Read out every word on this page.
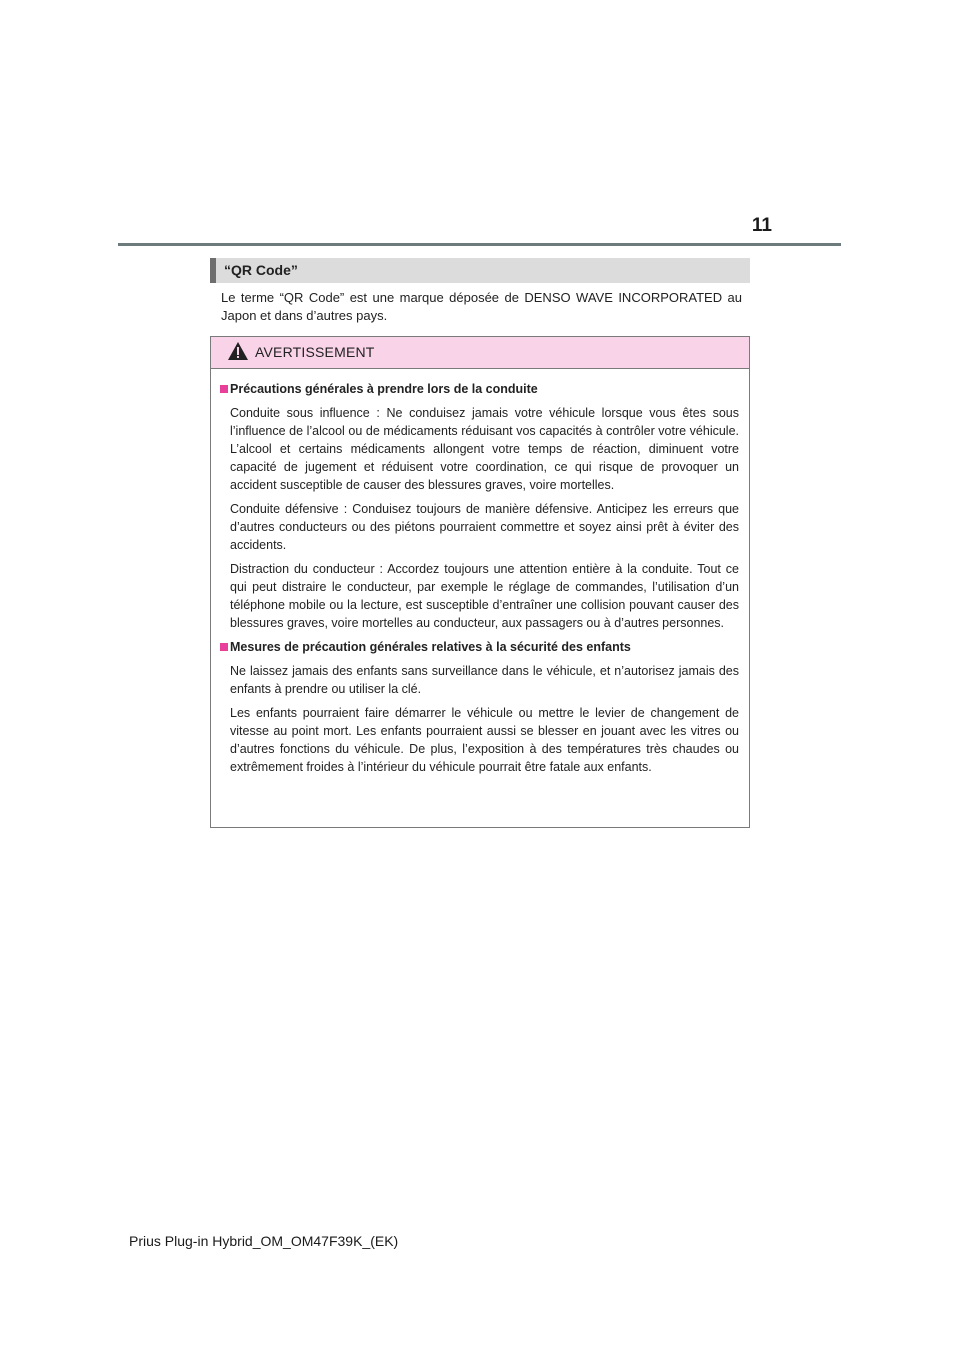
11
“QR Code”

Le terme “QR Code” est une marque déposée de DENSO WAVE INCORPORATED au Japon et dans d’autres pays.

AVERTISSEMENT
Précautions générales à prendre lors de la conduite

Conduite sous influence : Ne conduisez jamais votre véhicule lorsque vous êtes sous l’influence de l’alcool ou de médicaments réduisant vos capacités à contrôler votre véhicule. L’alcool et certains médicaments allongent votre temps de réaction, diminuent votre capacité de jugement et réduisent votre coordination, ce qui risque de provoquer un accident susceptible de causer des blessures graves, voire mortelles.

Conduite défensive : Conduisez toujours de manière défensive. Anticipez les erreurs que d’autres conducteurs ou des piétons pourraient commettre et soyez ainsi prêt à éviter des accidents.

Distraction du conducteur : Accordez toujours une attention entière à la conduite. Tout ce qui peut distraire le conducteur, par exemple le réglage de commandes, l’utilisation d’un téléphone mobile ou la lecture, est susceptible d’entraîner une collision pouvant causer des blessures graves, voire mortelles au conducteur, aux passagers ou à d’autres personnes.

Mesures de précaution générales relatives à la sécurité des enfants

Ne laissez jamais des enfants sans surveillance dans le véhicule, et n’autorisez jamais des enfants à prendre ou utiliser la clé.

Les enfants pourraient faire démarrer le véhicule ou mettre le levier de changement de vitesse au point mort. Les enfants pourraient aussi se blesser en jouant avec les vitres ou d’autres fonctions du véhicule. De plus, l’exposition à des températures très chaudes ou extrêmement froides à l’intérieur du véhicule pourrait être fatale aux enfants.

Prius Plug-in Hybrid_OM_OM47F39K_(EK)
